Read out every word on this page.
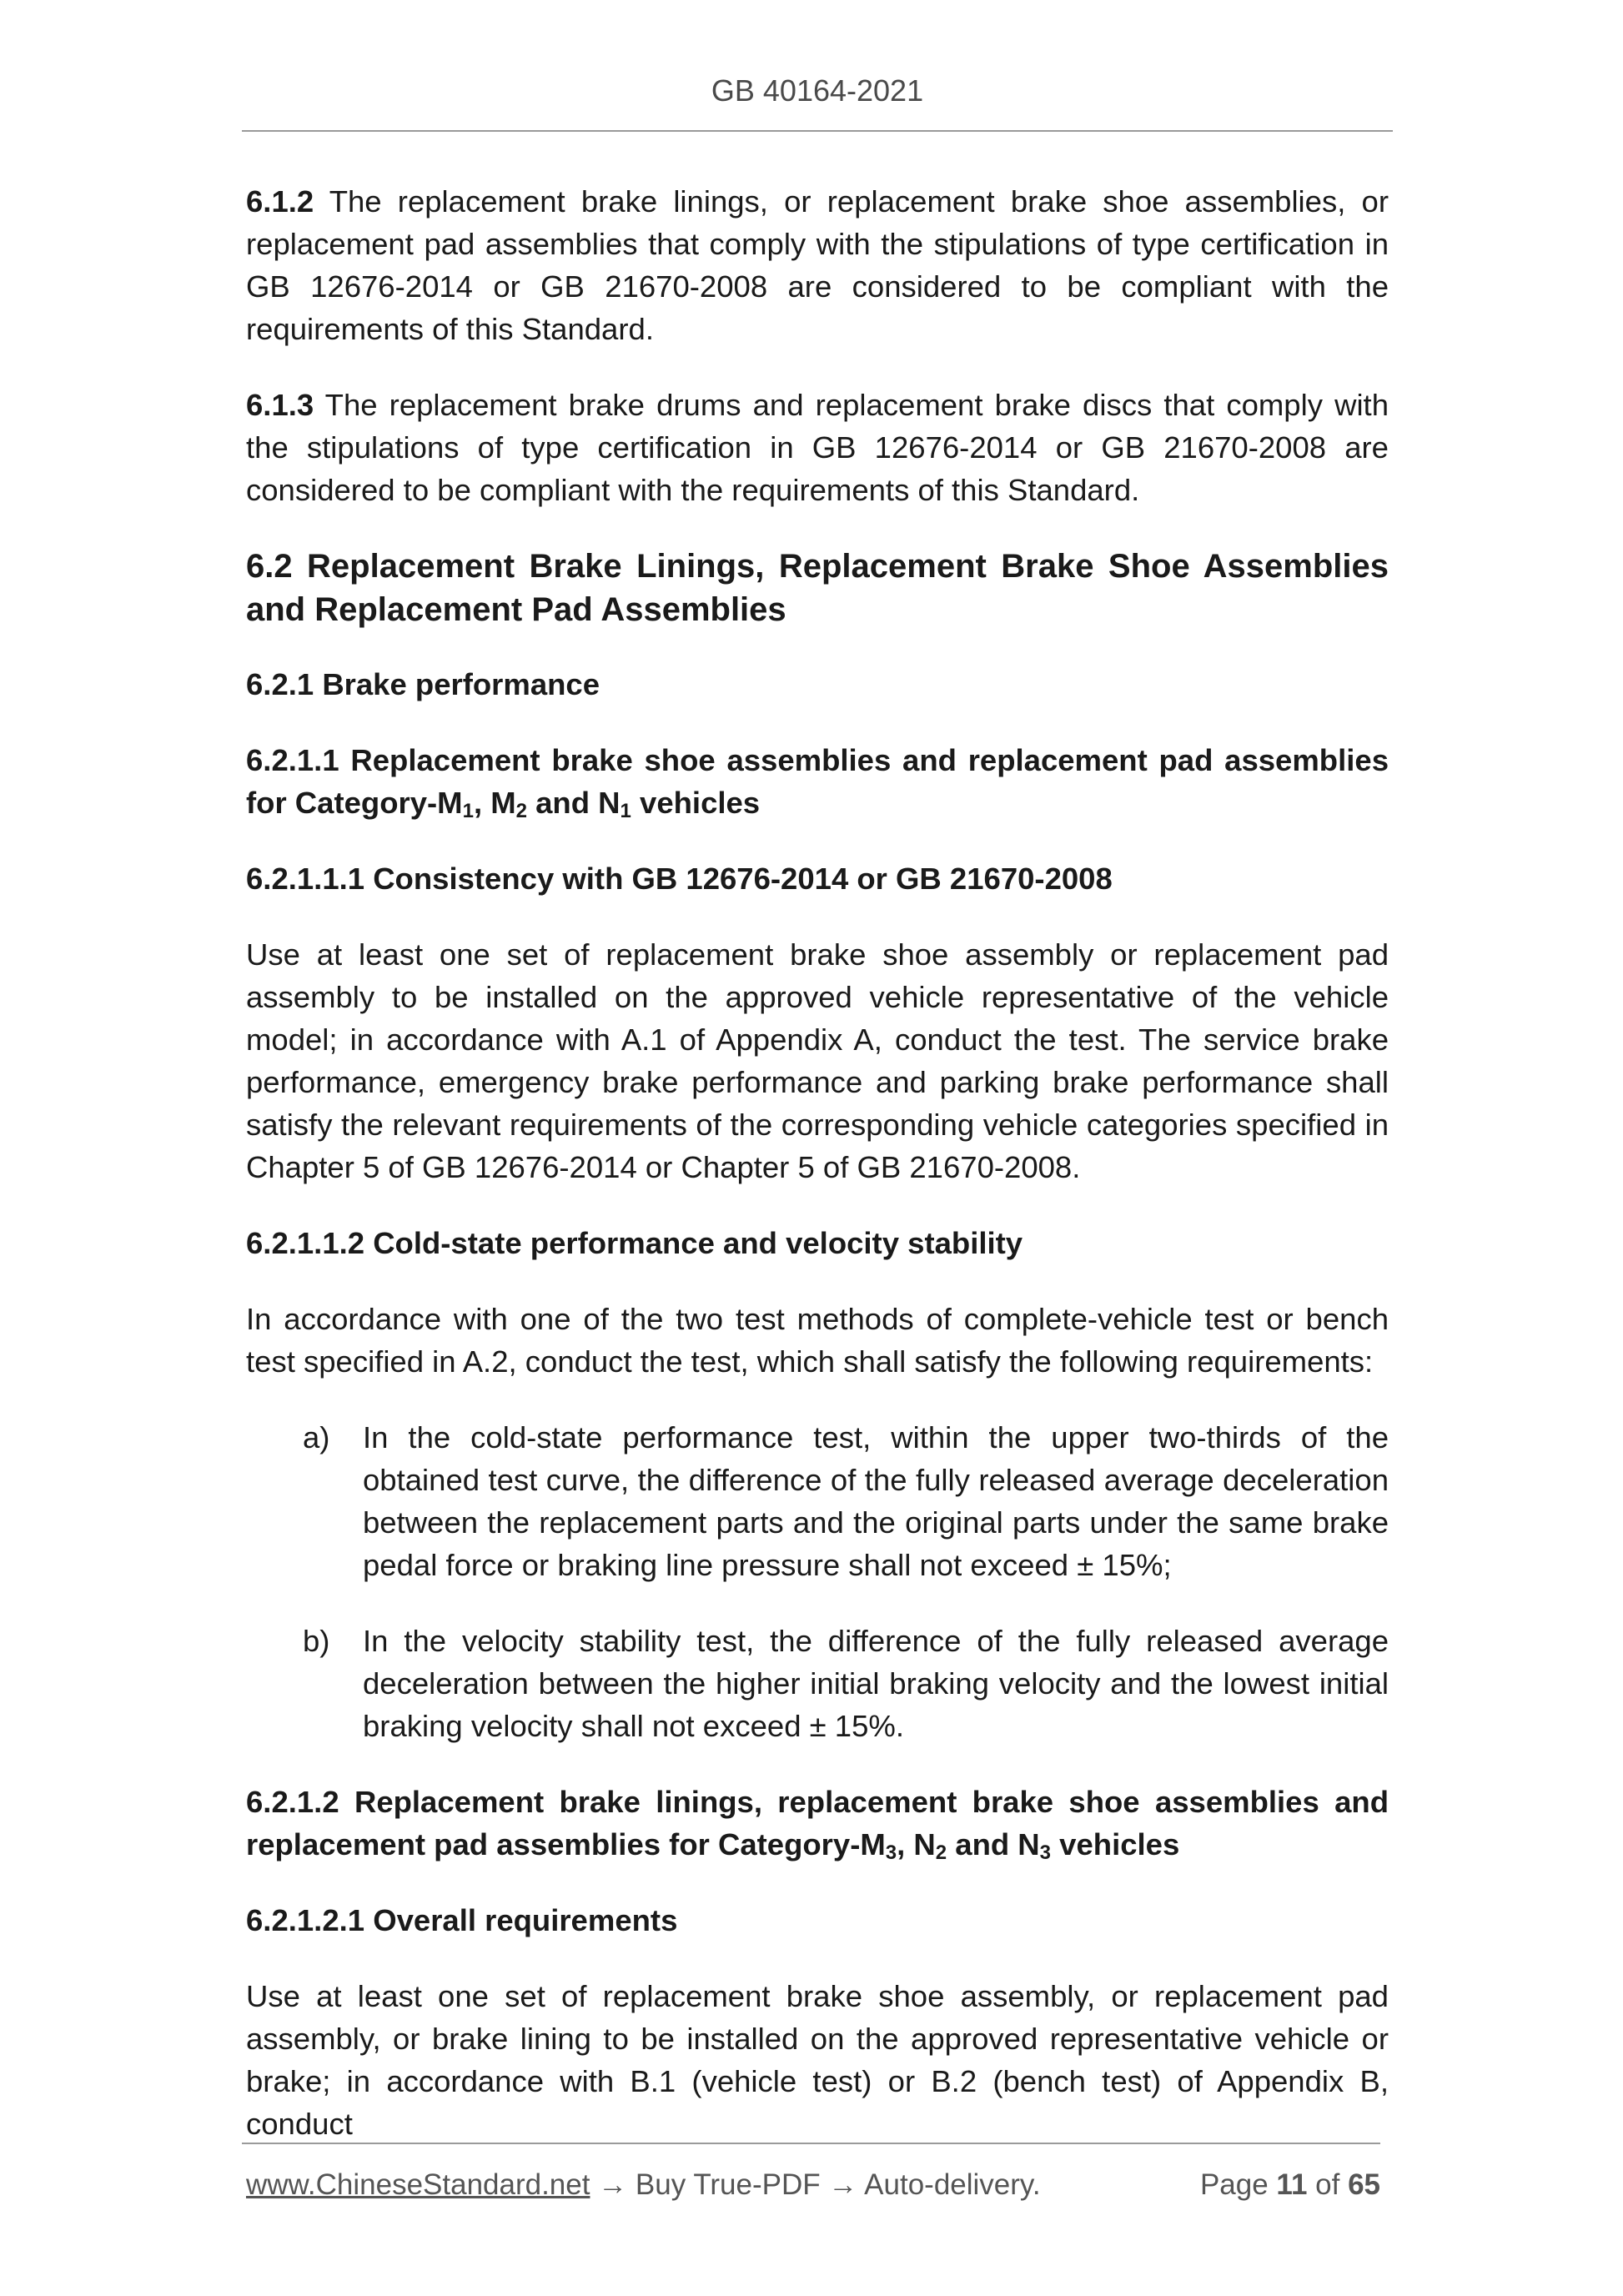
GB 40164-2021

6.1.2 The replacement brake linings, or replacement brake shoe assemblies, or replacement pad assemblies that comply with the stipulations of type certification in GB 12676-2014 or GB 21670-2008 are considered to be compliant with the requirements of this Standard.

6.1.3 The replacement brake drums and replacement brake discs that comply with the stipulations of type certification in GB 12676-2014 or GB 21670-2008 are considered to be compliant with the requirements of this Standard.

6.2 Replacement Brake Linings, Replacement Brake Shoe Assemblies and Replacement Pad Assemblies
6.2.1 Brake performance
6.2.1.1 Replacement brake shoe assemblies and replacement pad assemblies for Category-$M_1$, $M_2$ and $N_1$ vehicles
6.2.1.1.1 Consistency with GB 12676-2014 or GB 21670-2008

Use at least one set of replacement brake shoe assembly or replacement pad assembly to be installed on the approved vehicle representative of the vehicle model; in accordance with A.1 of Appendix A, conduct the test. The service brake performance, emergency brake performance and parking brake performance shall satisfy the relevant requirements of the corresponding vehicle categories specified in Chapter 5 of GB 12676-2014 or Chapter 5 of GB 21670-2008.

6.2.1.1.2 Cold-state performance and velocity stability

In accordance with one of the two test methods of complete-vehicle test or bench test specified in A.2, conduct the test, which shall satisfy the following requirements:

a) In the cold-state performance test, within the upper two-thirds of the obtained test curve, the difference of the fully released average deceleration between the replacement parts and the original parts under the same brake pedal force or braking line pressure shall not exceed ± 15%;
b) In the velocity stability test, the difference of the fully released average deceleration between the higher initial braking velocity and the lowest initial braking velocity shall not exceed ± 15%.
6.2.1.2 Replacement brake linings, replacement brake shoe assemblies and replacement pad assemblies for Category-$M_3$, $N_2$ and $N_3$ vehicles
6.2.1.2.1 Overall requirements

Use at least one set of replacement brake shoe assembly, or replacement pad assembly, or brake lining to be installed on the approved representative vehicle or brake; in accordance with B.1 (vehicle test) or B.2 (bench test) of Appendix B, conduct

www.ChineseStandard.net → Buy True-PDF → Auto-delivery.	Page 11 of 65
